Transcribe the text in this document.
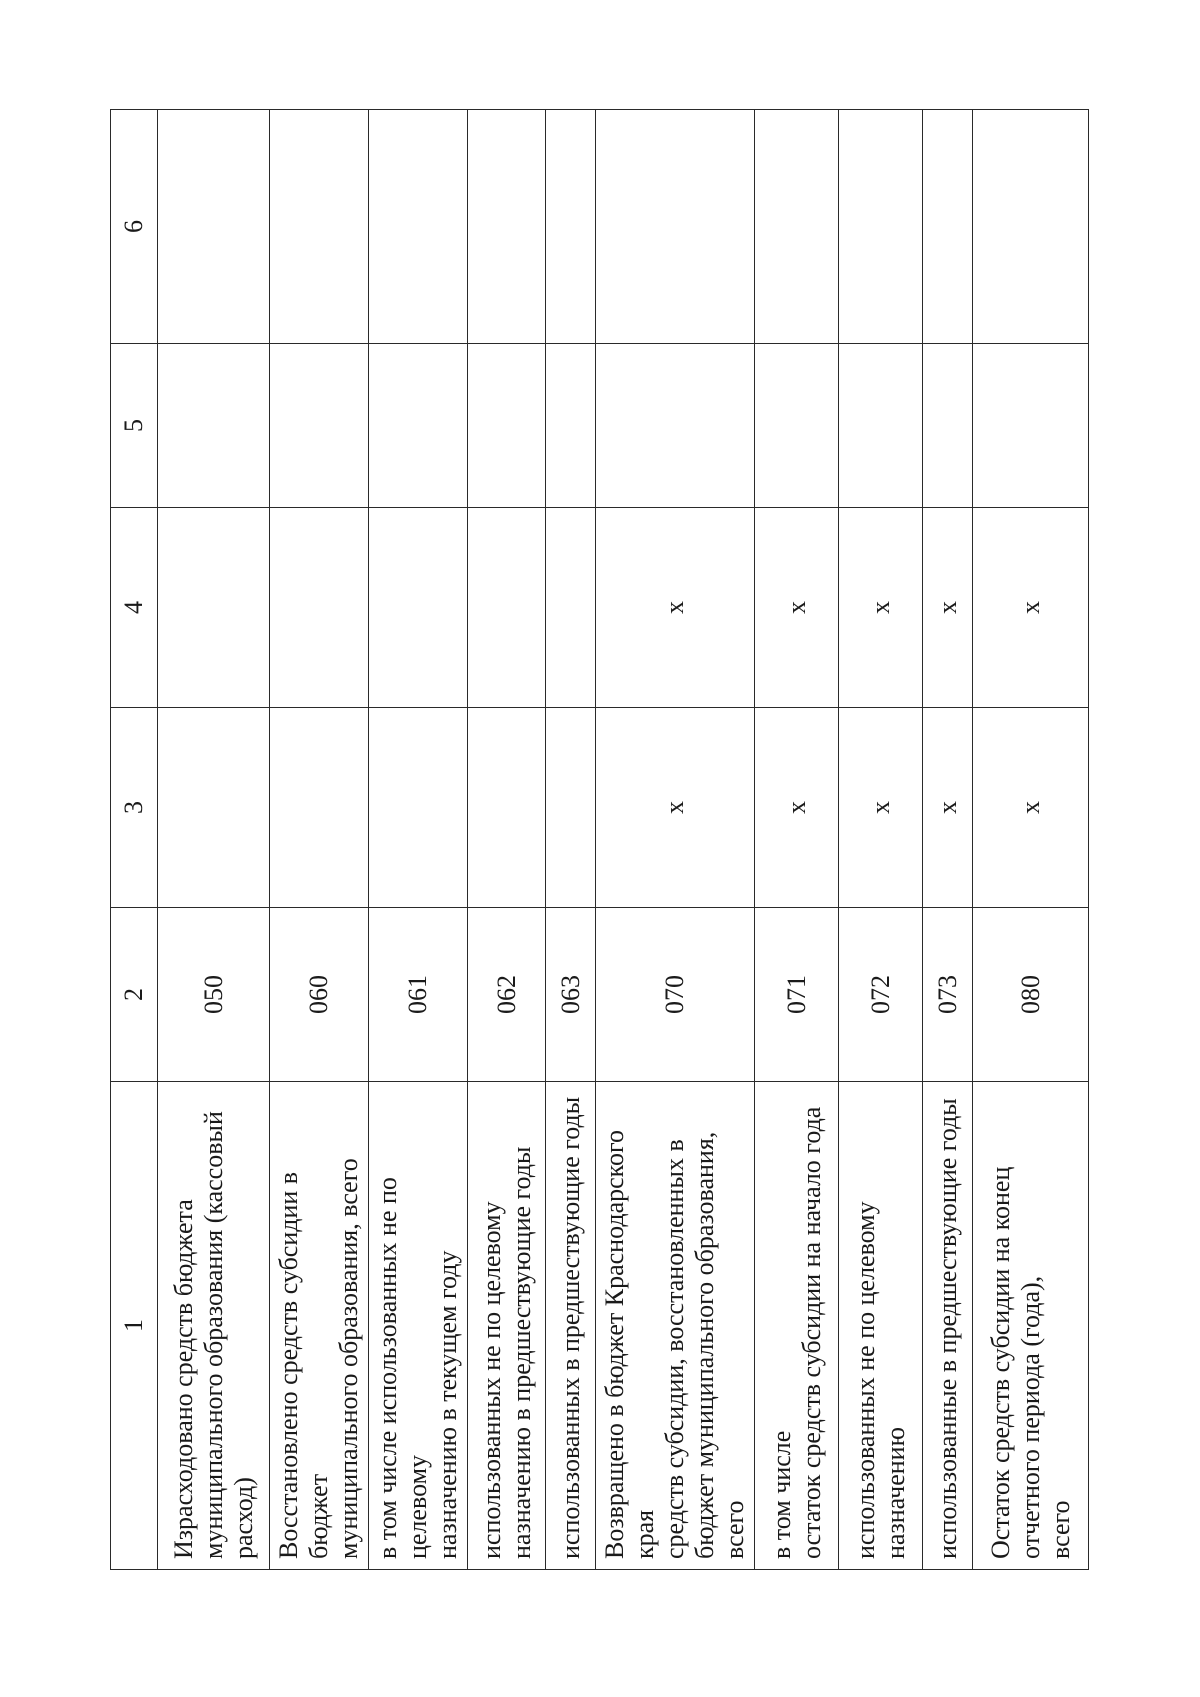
1	2	3	4	5	6
Израсходовано средств бюджета
муниципального образования (кассовый
расход)	050				
Восстановлено средств субсидии в бюджет
муниципального образования, всего	060				
в том числе использованных не по целевому
назначению в текущем году	061				
использованных не по целевому
назначению в предшествующие годы	062				
использованных в предшествующие годы	063				
Возвращено в бюджет Краснодарского края
средств субсидии, восстановленных в
бюджет муниципального образования,
всего	070	x	x		
в том числе
остаток средств субсидии на начало года	071	x	x		
использованных не по целевому
назначению	072	x	x		
использованные в предшествующие годы	073	x	x		
Остаток средств субсидии на конец
отчетного периода (года),
всего	080	x	x		
